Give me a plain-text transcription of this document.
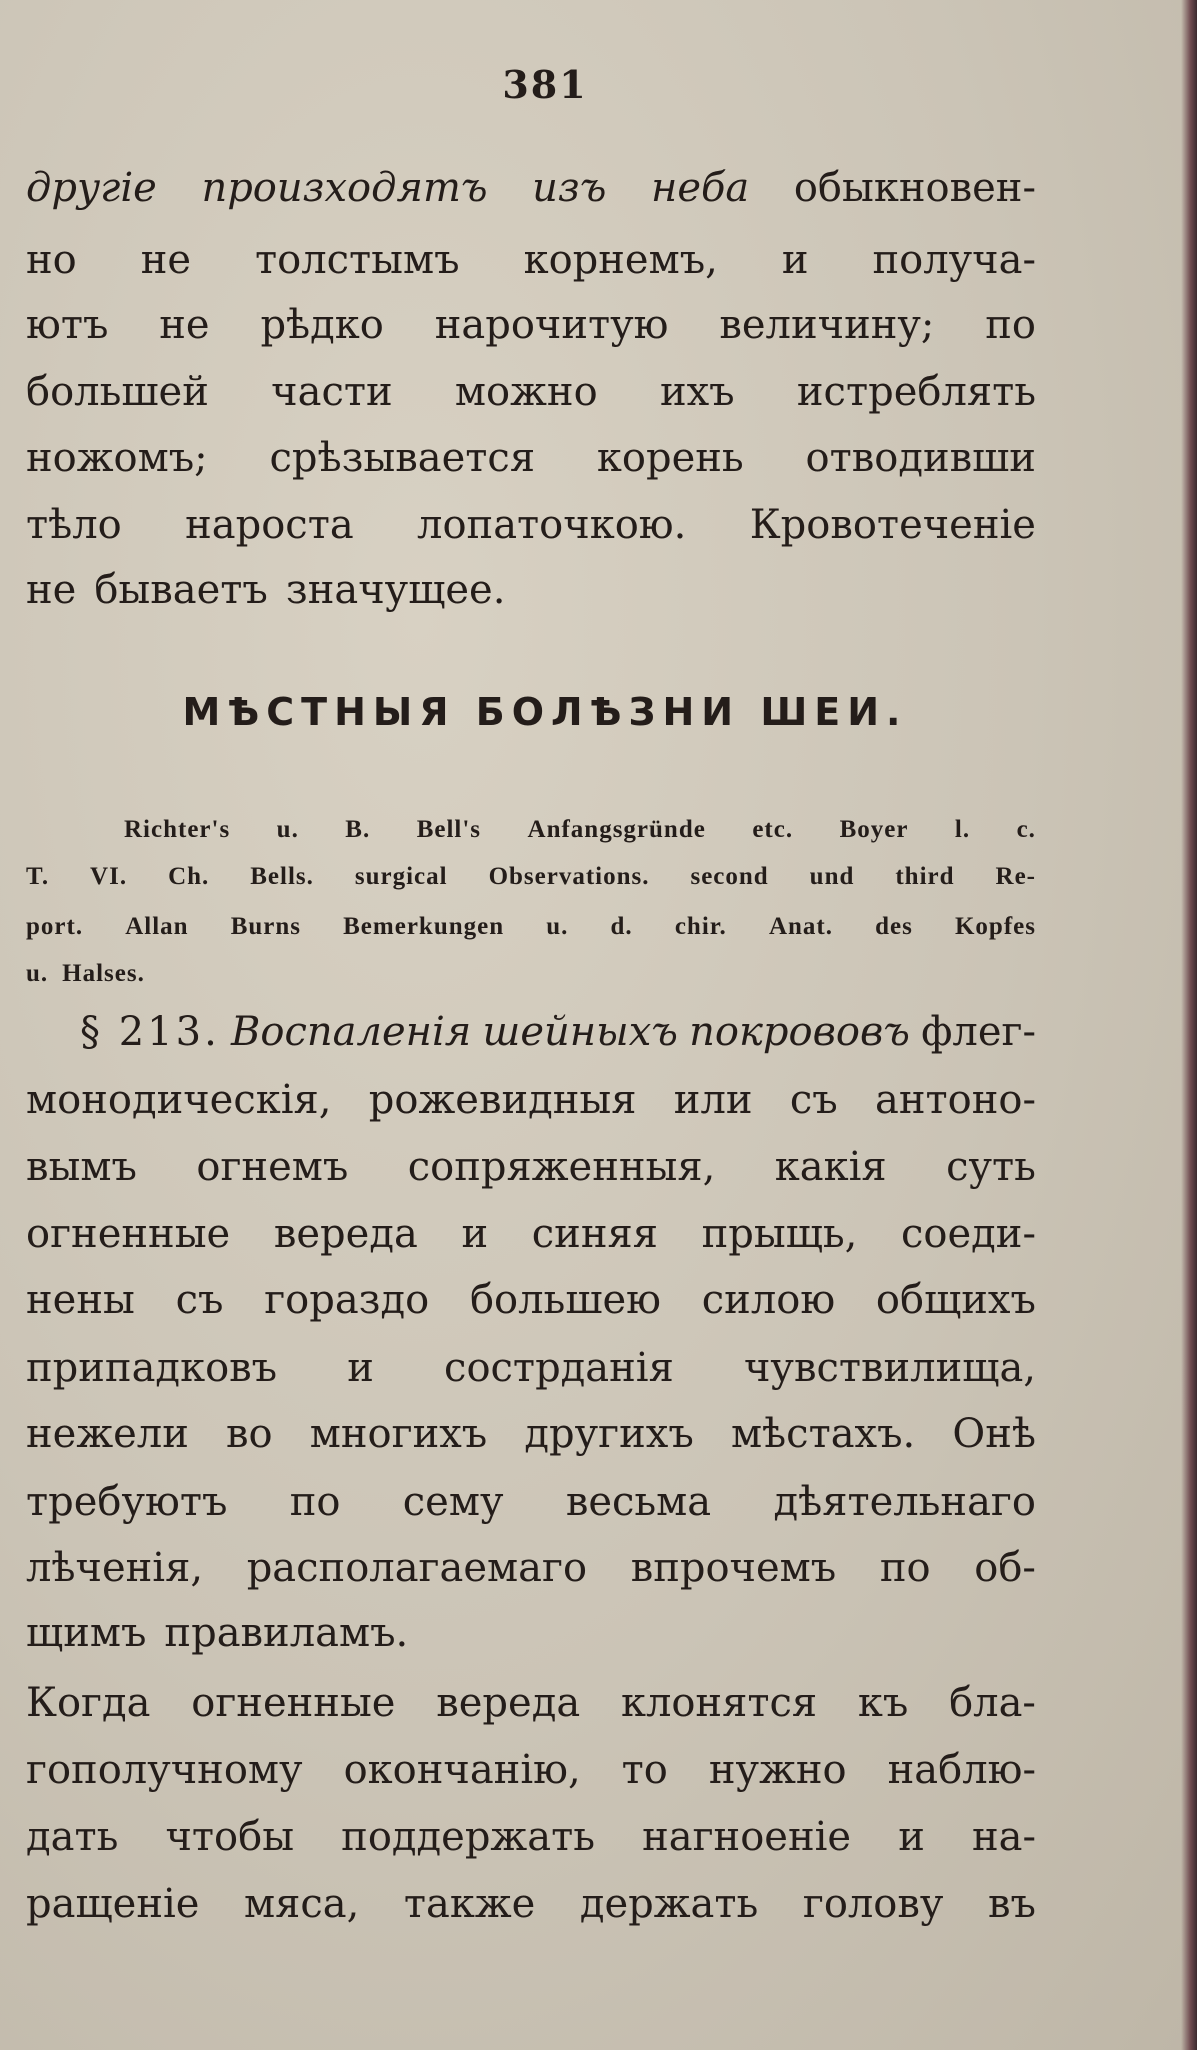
381
другіе произходятъ изъ неба обыкновен-
но не толстымъ корнемъ, и получа-
ютъ не рѣдко нарочитую величину; по
большей части можно ихъ истреблять
ножомъ; срѣзывается корень отводивши
тѣло нароста лопаточкою. Кровотеченіе
не бываетъ значущее.
МѢСТНЫЯ БОЛѢЗНИ ШЕИ.
Richter's u. B. Bell's Anfangsgründe etc. Boyer l. c.
T. VI. Ch. Bells. surgical Observations. second und third Re-
port. Allan Burns Bemerkungen u. d. chir. Anat. des Kopfes
u. Halses.
§ 213. Воспаленія шейныхъ покрововъ флег-
монодическія, рожевидныя или съ антоно-
вымъ огнемъ сопряженныя, какія суть
огненные вереда и синяя прыщь, соеди-
нены съ гораздо большею силою общихъ
припадковъ и сострданія чувствилища,
нежели во многихъ другихъ мѣстахъ. Онѣ
требуютъ по сему весьма дѣятельнаго
лѣченія, располагаемаго впрочемъ по об-
щимъ правиламъ.
Когда огненные вереда клонятся къ бла-
гополучному окончанію, то нужно наблю-
дать чтобы поддержать нагноеніе и на-
ращеніе мяса, также держать голову въ
